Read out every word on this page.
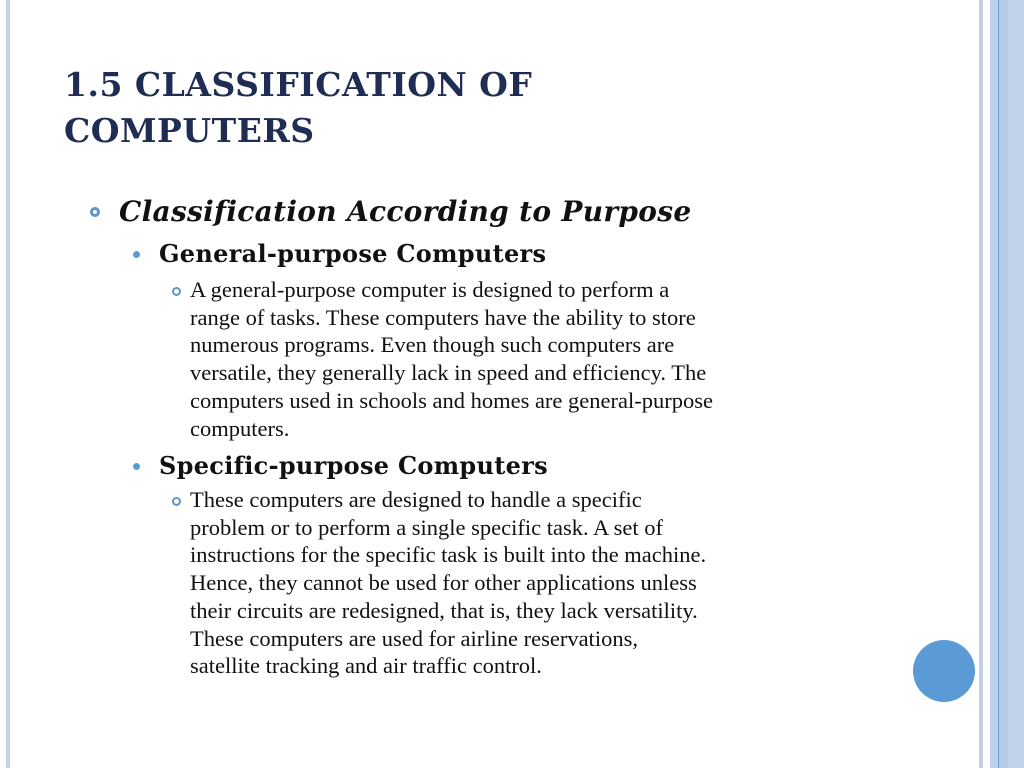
1.5 CLASSIFICATION OF
COMPUTERS
Classification According to Purpose
General-purpose Computers

A general-purpose computer is designed to perform a
range of tasks. These computers have the ability to store
numerous programs. Even though such computers are
versatile, they generally lack in speed and efficiency. The
computers used in schools and homes are general-purpose
computers.

Specific-purpose Computers

These computers are designed to handle a specific
problem or to perform a single specific task. A set of
instructions for the specific task is built into the machine.
Hence, they cannot be used for other applications unless
their circuits are redesigned, that is, they lack versatility.
These computers are used for airline reservations,
satellite tracking and air traffic control.
